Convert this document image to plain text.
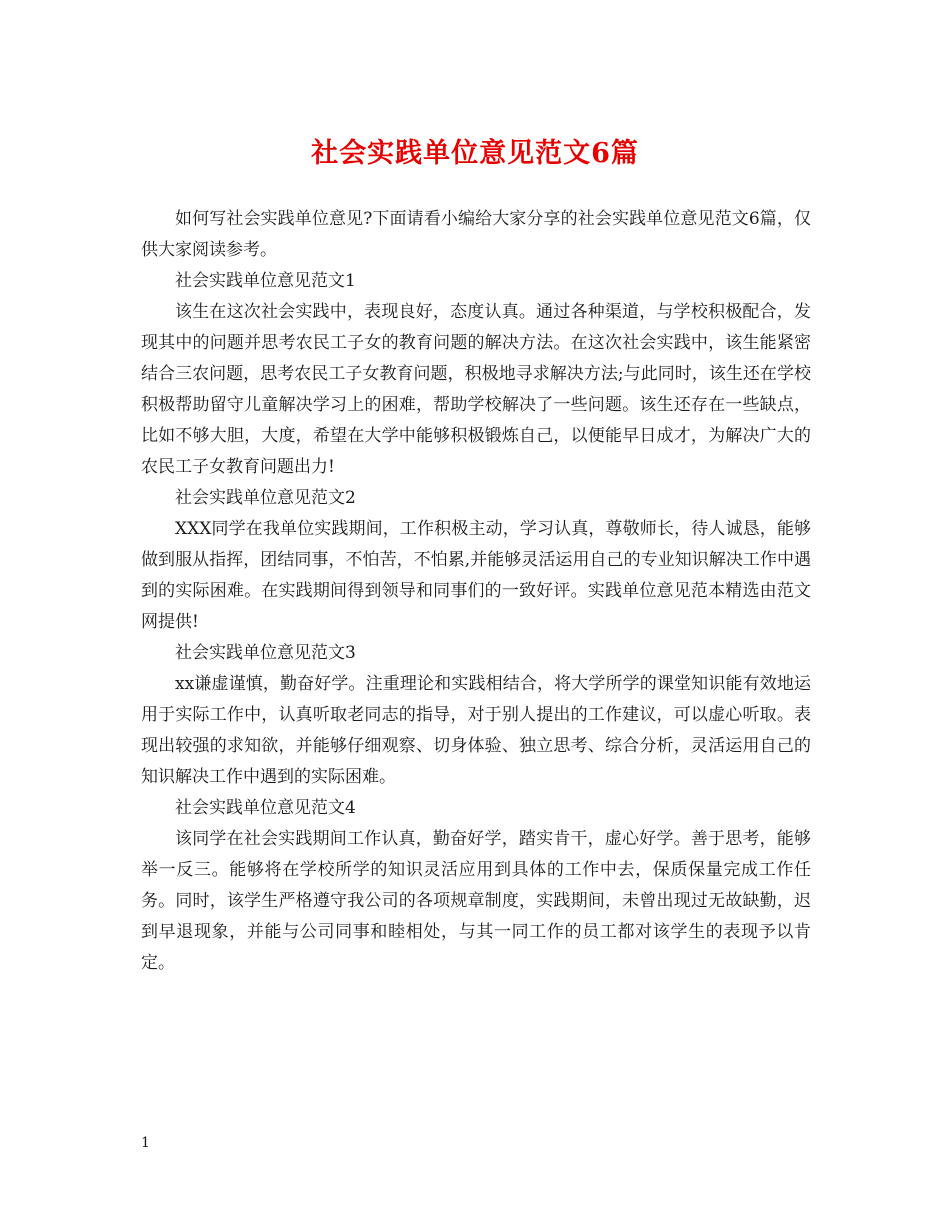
社会实践单位意见范文6篇

如何写社会实践单位意见?下面请看小编给大家分享的社会实践单位意见范文6篇，仅供大家阅读参考。

社会实践单位意见范文1

该生在这次社会实践中，表现良好，态度认真。通过各种渠道，与学校积极配合，发现其中的问题并思考农民工子女的教育问题的解决方法。在这次社会实践中，该生能紧密结合三农问题，思考农民工子女教育问题，积极地寻求解决方法;与此同时，该生还在学校积极帮助留守儿童解决学习上的困难，帮助学校解决了一些问题。该生还存在一些缺点，比如不够大胆，大度，希望在大学中能够积极锻炼自己，以便能早日成才，为解决广大的农民工子女教育问题出力!

社会实践单位意见范文2

XXX同学在我单位实践期间，工作积极主动，学习认真，尊敬师长，待人诚恳，能够做到服从指挥，团结同事，不怕苦，不怕累,并能够灵活运用自己的专业知识解决工作中遇到的实际困难。在实践期间得到领导和同事们的一致好评。实践单位意见范本精选由范文网提供!

社会实践单位意见范文3

xx谦虚谨慎，勤奋好学。注重理论和实践相结合，将大学所学的课堂知识能有效地运用于实际工作中，认真听取老同志的指导，对于别人提出的工作建议，可以虚心听取。表现出较强的求知欲，并能够仔细观察、切身体验、独立思考、综合分析，灵活运用自己的知识解决工作中遇到的实际困难。

社会实践单位意见范文4

该同学在社会实践期间工作认真，勤奋好学，踏实肯干，虚心好学。善于思考，能够举一反三。能够将在学校所学的知识灵活应用到具体的工作中去，保质保量完成工作任务。同时，该学生严格遵守我公司的各项规章制度，实践期间，未曾出现过无故缺勤，迟到早退现象，并能与公司同事和睦相处，与其一同工作的员工都对该学生的表现予以肯定。

1
